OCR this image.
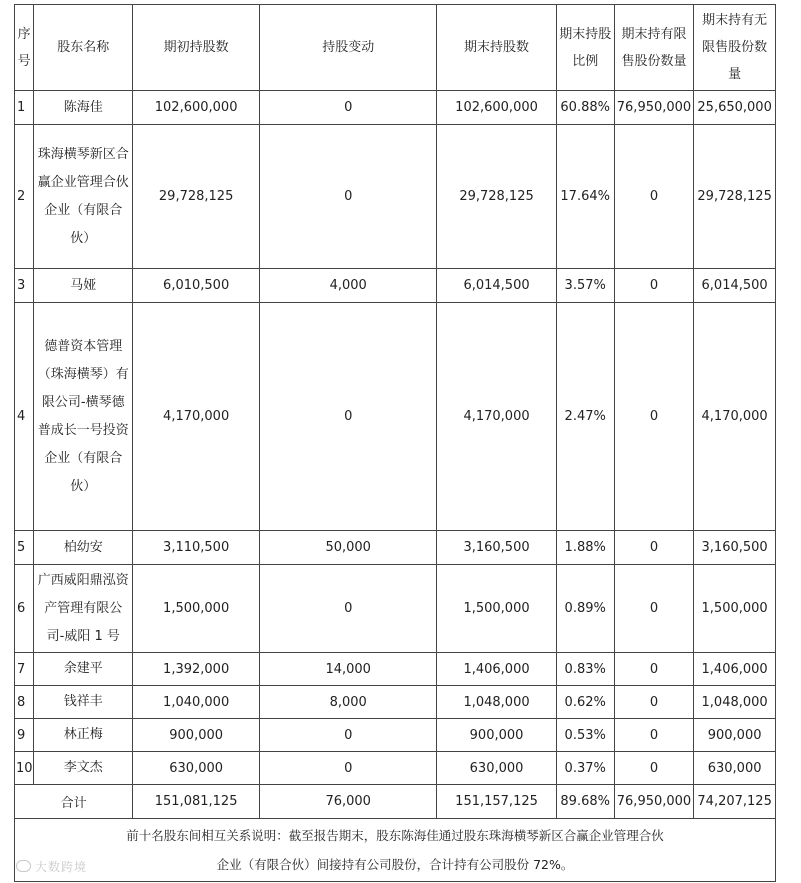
序号	股东名称	期初持股数	持股变动	期末持股数	期末持股比例	期末持有限售股份数量	期末持有无限售股份数量
1	陈海佳	102,600,000	0	102,600,000	60.88%	76,950,000	25,650,000
2	珠海横琴新区合赢企业管理合伙企业（有限合伙）	29,728,125	0	29,728,125	17.64%	0	29,728,125
3	马娅	6,010,500	4,000	6,014,500	3.57%	0	6,014,500
4	德普资本管理（珠海横琴）有限公司-横琴德普成长一号投资企业（有限合伙）	4,170,000	0	4,170,000	2.47%	0	4,170,000
5	柏幼安	3,110,500	50,000	3,160,500	1.88%	0	3,160,500
6	广西威阳鼎泓资产管理有限公司-威阳 1 号	1,500,000	0	1,500,000	0.89%	0	1,500,000
7	余建平	1,392,000	14,000	1,406,000	0.83%	0	1,406,000
8	钱祥丰	1,040,000	8,000	1,048,000	0.62%	0	1,048,000
9	林正梅	900,000	0	900,000	0.53%	0	900,000
10	李文杰	630,000	0	630,000	0.37%	0	630,000
合计		151,081,125	76,000	151,157,125	89.68%	76,950,000	74,207,125

前十名股东间相互关系说明：截至报告期末，股东陈海佳通过股东珠海横琴新区合赢企业管理合伙
企业（有限合伙）间接持有公司股份，合计持有公司股份 72%。							
大数跨境
